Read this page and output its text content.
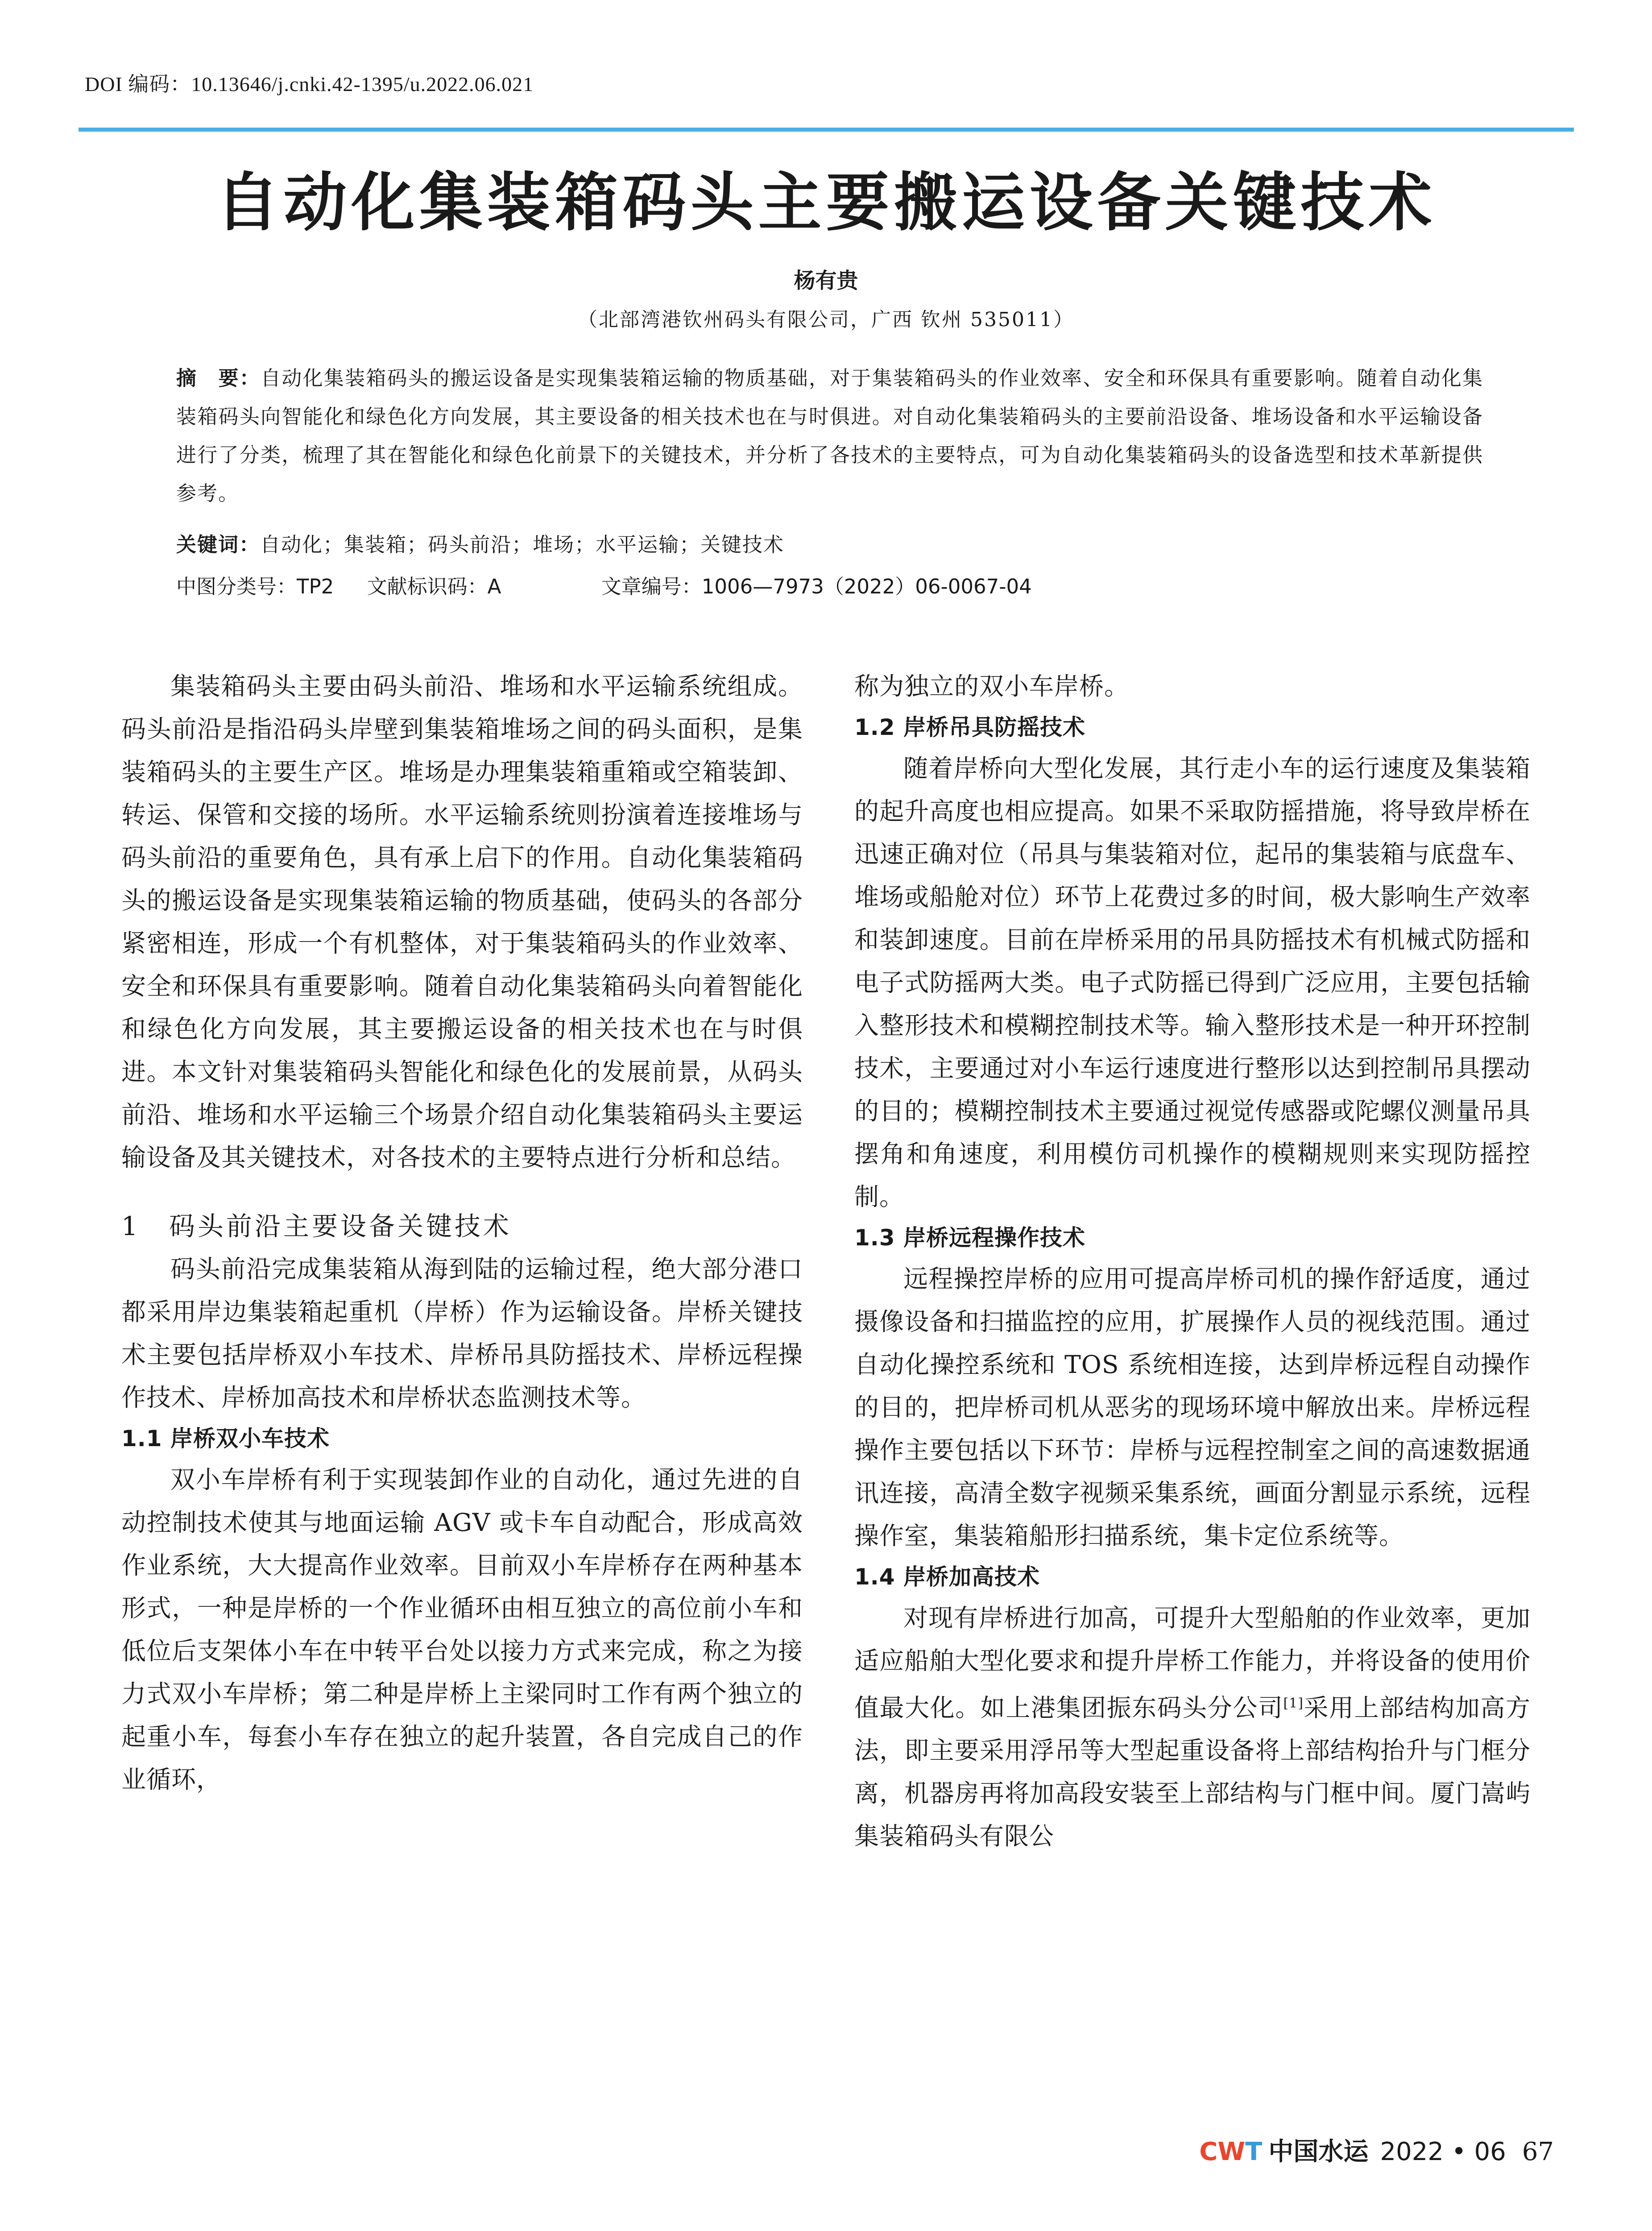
DOI 编码：10.13646/j.cnki.42-1395/u.2022.06.021
自动化集装箱码头主要搬运设备关键技术
杨有贵
（北部湾港钦州码头有限公司，广西 钦州 535011）
摘　要：自动化集装箱码头的搬运设备是实现集装箱运输的物质基础，对于集装箱码头的作业效率、安全和环保具有重要影响。随着自动化集装箱码头向智能化和绿色化方向发展，其主要设备的相关技术也在与时俱进。对自动化集装箱码头的主要前沿设备、堆场设备和水平运输设备进行了分类，梳理了其在智能化和绿色化前景下的关键技术，并分析了各技术的主要特点，可为自动化集装箱码头的设备选型和技术革新提供参考。
关键词：自动化；集装箱；码头前沿；堆场；水平运输；关键技术
中图分类号：TP2 文献标识码：A	文章编号：1006—7973（2022）06-0067-04

集装箱码头主要由码头前沿、堆场和水平运输系统组成。码头前沿是指沿码头岸壁到集装箱堆场之间的码头面积，是集装箱码头的主要生产区。堆场是办理集装箱重箱或空箱装卸、转运、保管和交接的场所。水平运输系统则扮演着连接堆场与码头前沿的重要角色，具有承上启下的作用。自动化集装箱码头的搬运设备是实现集装箱运输的物质基础，使码头的各部分紧密相连，形成一个有机整体，对于集装箱码头的作业效率、安全和环保具有重要影响。随着自动化集装箱码头向着智能化和绿色化方向发展，其主要搬运设备的相关技术也在与时俱进。本文针对集装箱码头智能化和绿色化的发展前景，从码头前沿、堆场和水平运输三个场景介绍自动化集装箱码头主要运输设备及其关键技术，对各技术的主要特点进行分析和总结。

1　码头前沿主要设备关键技术

码头前沿完成集装箱从海到陆的运输过程，绝大部分港口都采用岸边集装箱起重机（岸桥）作为运输设备。岸桥关键技术主要包括岸桥双小车技术、岸桥吊具防摇技术、岸桥远程操作技术、岸桥加高技术和岸桥状态监测技术等。

1.1 岸桥双小车技术

双小车岸桥有利于实现装卸作业的自动化，通过先进的自动控制技术使其与地面运输 AGV 或卡车自动配合，形成高效作业系统，大大提高作业效率。目前双小车岸桥存在两种基本形式，一种是岸桥的一个作业循环由相互独立的高位前小车和低位后支架体小车在中转平台处以接力方式来完成，称之为接力式双小车岸桥；第二种是岸桥上主梁同时工作有两个独立的起重小车，每套小车存在独立的起升装置，各自完成自己的作业循环，

称为独立的双小车岸桥。

1.2 岸桥吊具防摇技术

随着岸桥向大型化发展，其行走小车的运行速度及集装箱的起升高度也相应提高。如果不采取防摇措施，将导致岸桥在迅速正确对位（吊具与集装箱对位，起吊的集装箱与底盘车、堆场或船舱对位）环节上花费过多的时间，极大影响生产效率和装卸速度。目前在岸桥采用的吊具防摇技术有机械式防摇和电子式防摇两大类。电子式防摇已得到广泛应用，主要包括输入整形技术和模糊控制技术等。输入整形技术是一种开环控制技术，主要通过对小车运行速度进行整形以达到控制吊具摆动的目的；模糊控制技术主要通过视觉传感器或陀螺仪测量吊具摆角和角速度，利用模仿司机操作的模糊规则来实现防摇控制。

1.3 岸桥远程操作技术

远程操控岸桥的应用可提高岸桥司机的操作舒适度，通过摄像设备和扫描监控的应用，扩展操作人员的视线范围。通过自动化操控系统和 TOS 系统相连接，达到岸桥远程自动操作的目的，把岸桥司机从恶劣的现场环境中解放出来。岸桥远程操作主要包括以下环节：岸桥与远程控制室之间的高速数据通讯连接，高清全数字视频采集系统，画面分割显示系统，远程操作室，集装箱船形扫描系统，集卡定位系统等。

1.4 岸桥加高技术

对现有岸桥进行加高，可提升大型船舶的作业效率，更加适应船舶大型化要求和提升岸桥工作能力，并将设备的使用价值最大化。如上港集团振东码头分公司[1]采用上部结构加高方法，即主要采用浮吊等大型起重设备将上部结构抬升与门框分离，机器房再将加高段安装至上部结构与门框中间。厦门嵩屿集装箱码头有限公

CWT 中国水运 2022 • 06 67
